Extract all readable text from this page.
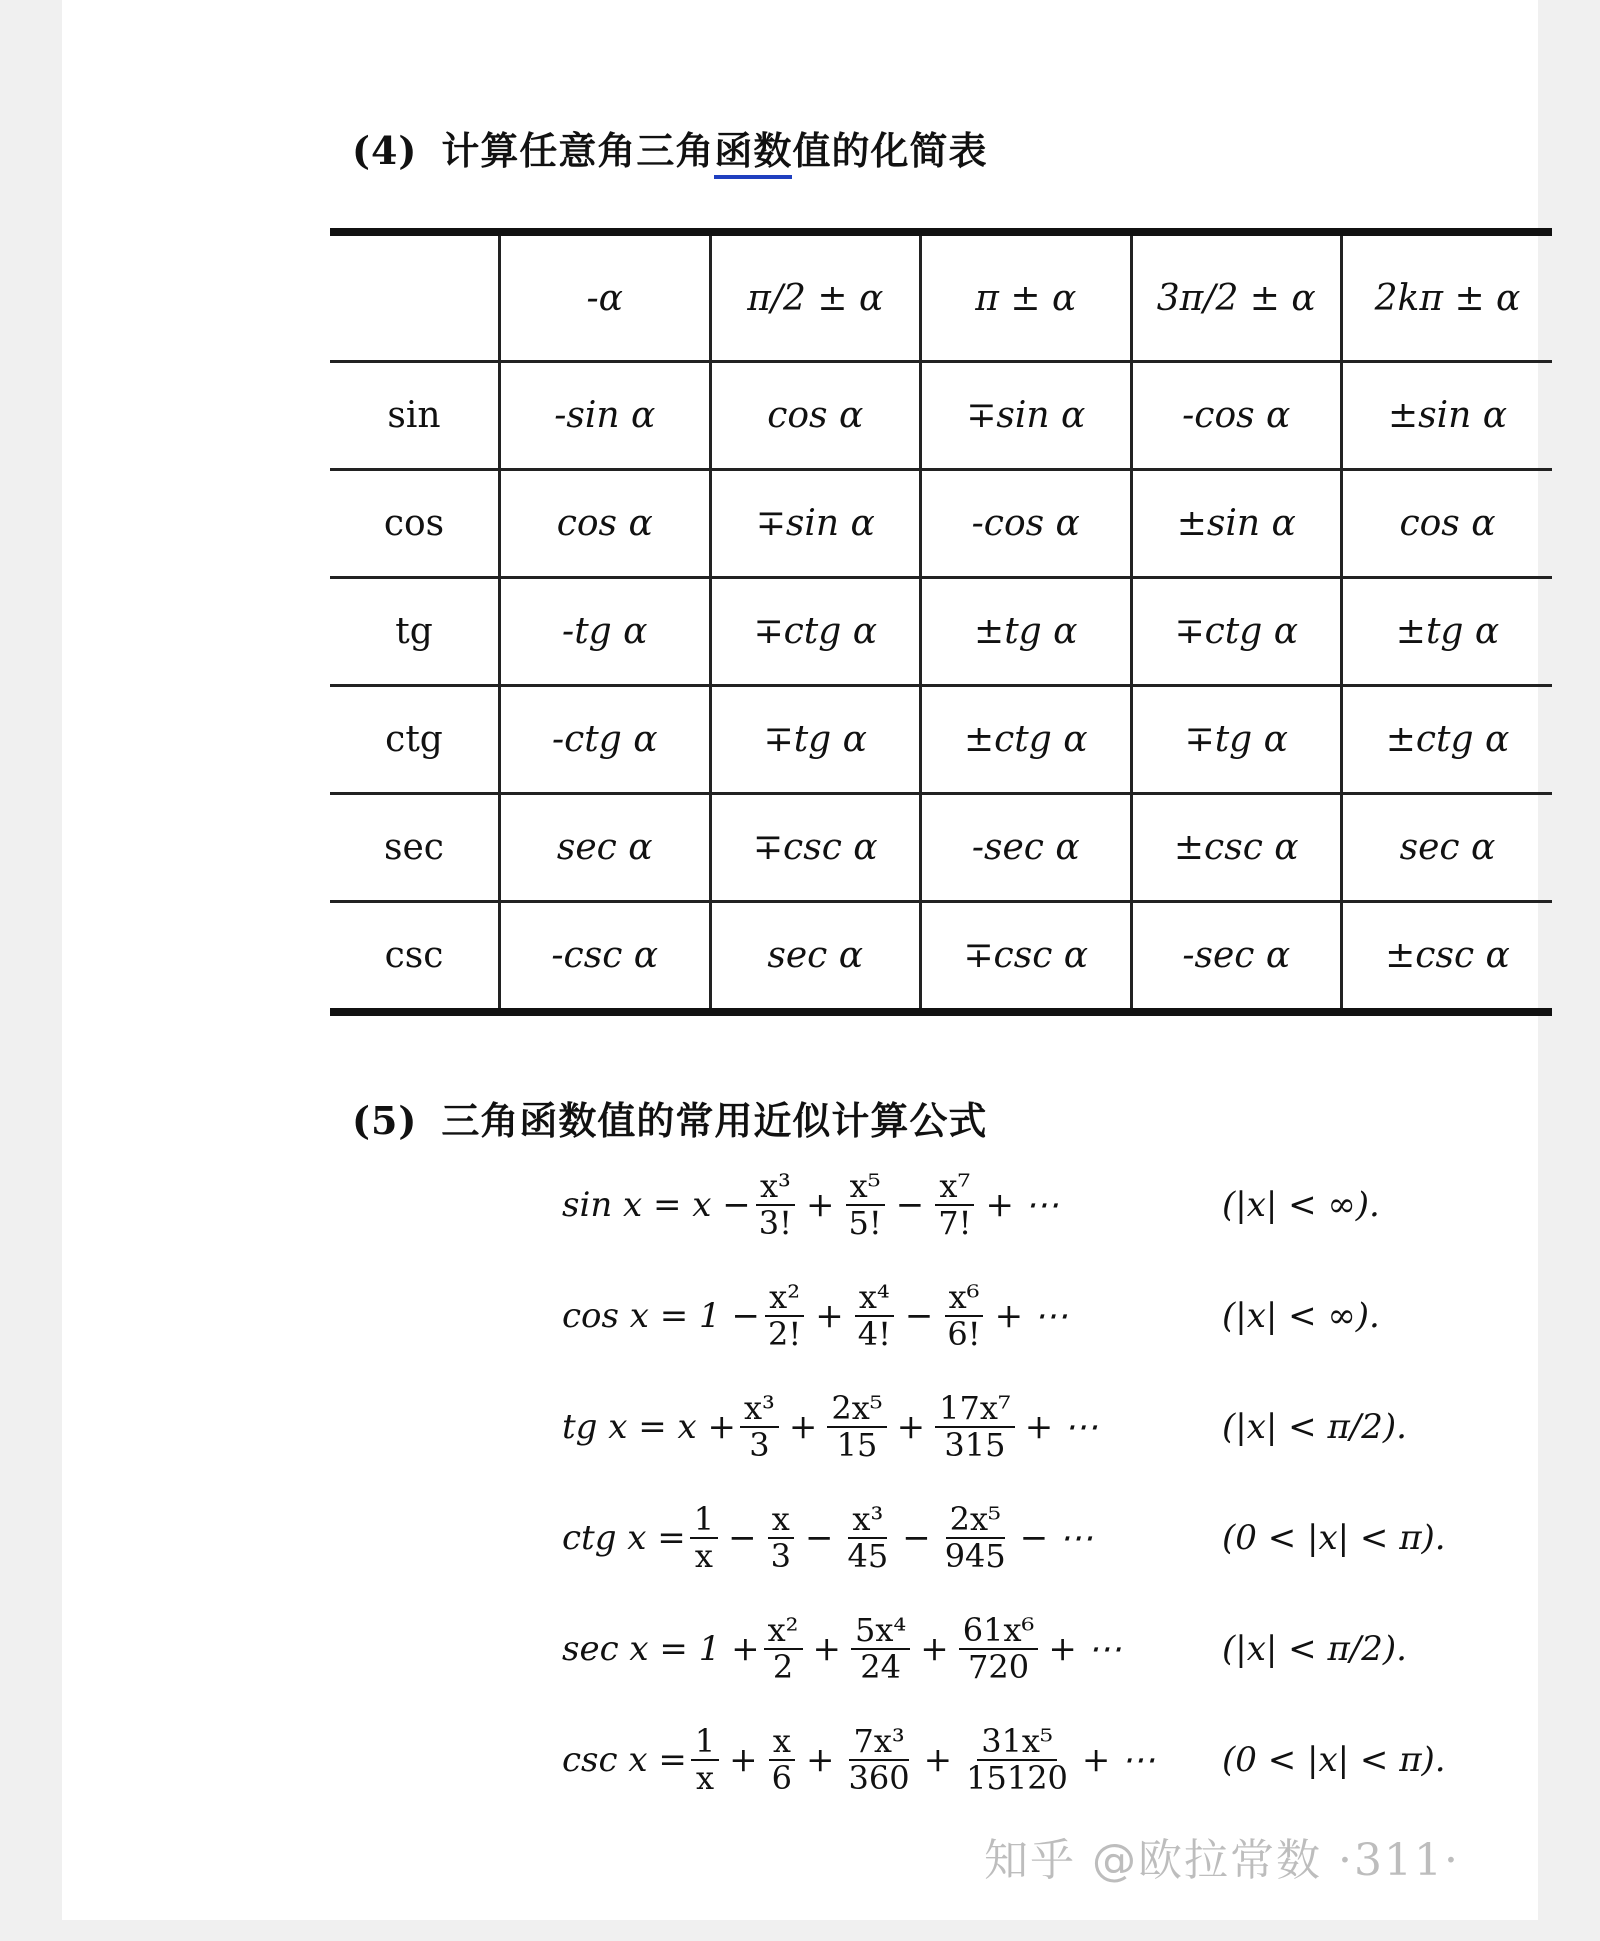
(4) 计算任意角三角函数值的化简表
	-α	π/2 ± α	π ± α	3π/2 ± α	2kπ ± α
sin	-sin α	cos α	∓sin α	-cos α	±sin α
cos	cos α	∓sin α	-cos α	±sin α	cos α
tg	-tg α	∓ctg α	±tg α	∓ctg α	±tg α
ctg	-ctg α	∓tg α	±ctg α	∓tg α	±ctg α
sec	sec α	∓csc α	-sec α	±csc α	sec α
csc	-csc α	sec α	∓csc α	-sec α	±csc α
(5) 三角函数值的常用近似计算公式
$\sin x = x - \frac{\text{x³}}{3!} + \frac{\text{x⁵}}{5!} - \frac{\text{x⁷}}{7!}$ + ⋯	(|x| < ∞).
$\cos x = 1 - \frac{\text{x²}}{2!} + \frac{\text{x⁴}}{4!} - \frac{\text{x⁶}}{6!}$ + ⋯	(|x| < ∞).
tg $x = x + \frac{\text{x³}}{3} + \frac{\text{2x⁵}}{15} + \frac{\text{17x⁷}}{315}$ + ⋯	(|x| < π/2).
ctg $x = \frac{1}{x} - \frac{x}{3} - \frac{\text{x³}}{45} - \frac{\text{2x⁵}}{945}$ − ⋯	(0 < |x| < π).
$\sec x = 1 + \frac{\text{x²}}{2} + \frac{\text{5x⁴}}{24} + \frac{\text{61x⁶}}{720}$ + ⋯	(|x| < π/2).
$\csc x = \frac{1}{x} + \frac{x}{6} + \frac{\text{7x³}}{360} + \frac{\text{31x⁵}}{15120}$ + ⋯ (0 < |x| < π).
知乎 @欧拉常数 ·311·
